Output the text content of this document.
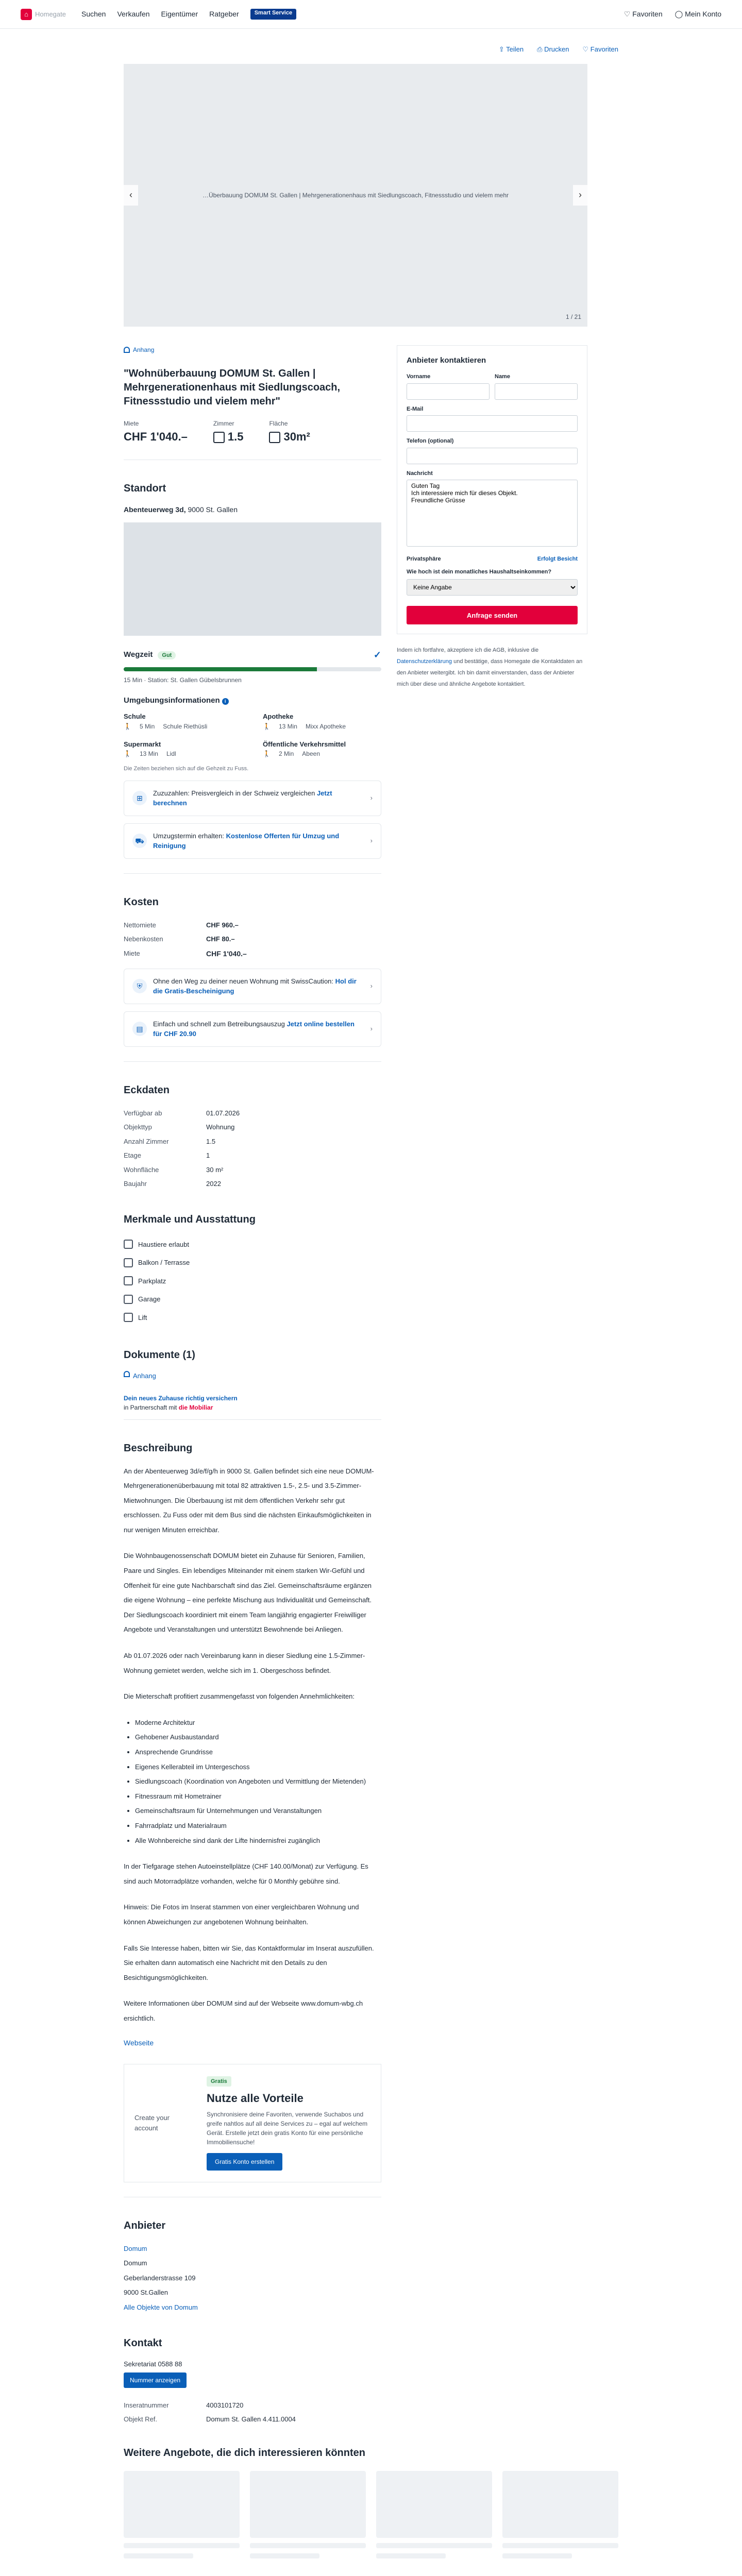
⌂	Homegate Suchen Verkaufen Eigentümer Ratgeber	Smart Service	♡ Favoriten ◯ Mein Konto
⇪ Teilen ⎙ Drucken ♡ Favoriten
…Überbauung DOMUM St. Gallen | Mehrgenerationenhaus mit Siedlungscoach, Fitnessstudio und vielem mehr
‹	›
1 / 21
Anhang
"Wohnüberbauung DOMUM St. Gallen | Mehrgenerationenhaus mit Siedlungscoach, Fitnessstudio und vielem mehr"
Miete
CHF 1'040.–
Zimmer
1.5
Fläche
30m²
Standort
Abenteuerweg 3d, 9000 St. Gallen
Wegzeit Gut	✓
15 Min · Station: St. Gallen Gübelsbrunnen
Umgebungsinformationen i
Schule
🚶 5 Min Schule Riethüsli
Apotheke
🚶 13 Min Mixx Apotheke
Supermarkt
🚶 13 Min Lidl
Öffentliche Verkehrsmittel
🚶 2 Min Abeen
Die Zeiten beziehen sich auf die Gehzeit zu Fuss.
⊞
Zuzuzahlen: Preisvergleich in der Schweiz vergleichen Jetzt berechnen
›
⛟
Umzugstermin erhalten: Kostenlose Offerten für Umzug und Reinigung
›
Kosten
Nettomiete	CHF 960.–
Nebenkosten	CHF 80.–
Miete	CHF 1'040.–
⛨
Ohne den Weg zu deiner neuen Wohnung mit SwissCaution: Hol dir die Gratis-Bescheinigung
›
▤
Einfach und schnell zum Betreibungsauszug Jetzt online bestellen für CHF 20.90
›
Eckdaten
Verfügbar ab	01.07.2026
Objekttyp	Wohnung
Anzahl Zimmer	1.5
Etage	1
Wohnfläche	30 m²
Baujahr	2022
Merkmale und Ausstattung
Haustiere erlaubt
Balkon / Terrasse
Parkplatz
Garage
Lift
Dokumente (1)
Anhang
Dein neues Zuhause richtig versichern
in Partnerschaft mit die Mobiliar
Beschreibung

An der Abenteuerweg 3d/e/f/g/h in 9000 St. Gallen befindet sich eine neue DOMUM-Mehrgenerationenüberbauung mit total 82 attraktiven 1.5-, 2.5- und 3.5-Zimmer-Mietwohnungen. Die Überbauung ist mit dem öffentlichen Verkehr sehr gut erschlossen. Zu Fuss oder mit dem Bus sind die nächsten Einkaufsmöglichkeiten in nur wenigen Minuten erreichbar.

Die Wohnbaugenossenschaft DOMUM bietet ein Zuhause für Senioren, Familien, Paare und Singles. Ein lebendiges Miteinander mit einem starken Wir-Gefühl und Offenheit für eine gute Nachbarschaft sind das Ziel. Gemeinschaftsräume ergänzen die eigene Wohnung – eine perfekte Mischung aus Individualität und Gemeinschaft. Der Siedlungscoach koordiniert mit einem Team langjährig engagierter Freiwilliger Angebote und Veranstaltungen und unterstützt Bewohnende bei Anliegen.

Ab 01.07.2026 oder nach Vereinbarung kann in dieser Siedlung eine 1.5-Zimmer-Wohnung gemietet werden, welche sich im 1. Obergeschoss befindet.

Die Mieterschaft profitiert zusammengefasst von folgenden Annehmlichkeiten:

• Moderne Architektur
• Gehobener Ausbaustandard
• Ansprechende Grundrisse
• Eigenes Kellerabteil im Untergeschoss
• Siedlungscoach (Koordination von Angeboten und Vermittlung der Mietenden)
• Fitnessraum mit Hometrainer
• Gemeinschaftsraum für Unternehmungen und Veranstaltungen
• Fahrradplatz und Materialraum
• Alle Wohnbereiche sind dank der Lifte hindernisfrei zugänglich

In der Tiefgarage stehen Autoeinstellplätze (CHF 140.00/Monat) zur Verfügung. Es sind auch Motorradplätze vorhanden, welche für 0 Monthly gebühre sind.

Hinweis: Die Fotos im Inserat stammen von einer vergleichbaren Wohnung und können Abweichungen zur angebotenen Wohnung beinhalten.

Falls Sie Interesse haben, bitten wir Sie, das Kontaktformular im Inserat auszufüllen. Sie erhalten dann automatisch eine Nachricht mit den Details zu den Besichtigungsmöglichkeiten.

Weitere Informationen über DOMUM sind auf der Webseite www.domum-wbg.ch ersichtlich.

Webseite
Create your account
Gratis
Nutze alle Vorteile
Synchronisiere deine Favoriten, verwende Suchabos und greife nahtlos auf all deine Services zu – egal auf welchem Gerät. Erstelle jetzt dein gratis Konto für eine persönliche Immobiliensuche!
Gratis Konto erstellen
Anbieter
Domum
Domum
Geberlanderstrasse 109
9000 St.Gallen
Alle Objekte von Domum
Kontakt
Sekretariat 0588 88
Nummer anzeigen
Inseratnummer	4003101720
Objekt Ref.	Domum St. Gallen 4.411.0004
Anbieter kontaktieren
Vorname	Name
E-Mail
Telefon (optional)
Nachricht
Guten Tag Ich interessiere mich für dieses Objekt. Freundliche Grüsse
Privatsphäre	Erfolgt Besicht
Wie hoch ist dein monatliches Haushaltseinkommen?
Keine Angabe
Anfrage senden
Indem ich fortfahre, akzeptiere ich die AGB, inklusive die Datenschutzerklärung und bestätige, dass Homegate die Kontaktdaten an den Anbieter weitergibt. Ich bin damit einverstanden, dass der Anbieter mich über diese und ähnliche Angebote kontaktiert.
Weitere Angebote, die dich interessieren könnten
